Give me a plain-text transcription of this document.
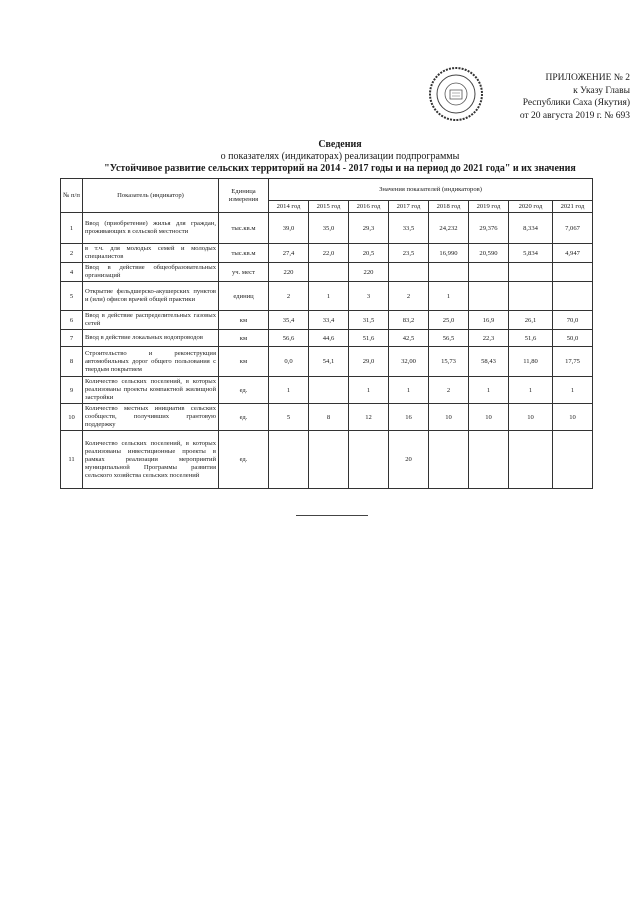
ПРИЛОЖЕНИЕ № 2
к Указу Главы
Республики Саха (Якутия)
от 20 августа 2019 г. № 693
Сведения
о показателях (индикаторах) реализации подпрограммы
"Устойчивое развитие сельских территорий на 2014 - 2017 годы и на период до 2021 года" и их значения
№ п/п	Показатель (индикатор)	Единица измерения	Значения показателей (индикаторов)							
			2014 год	2015 год	2016 год	2017 год	2018 год	2019 год	2020 год	2021 год
1	Ввод (приобретение) жилья для граждан, проживающих в сельской местности	тыс.кв.м	39,0	35,0	29,3	33,5	24,232	29,376	8,334	7,067
2	в т.ч. для молодых семей и молодых специалистов	тыс.кв.м	27,4	22,0	20,5	23,5	16,990	20,590	5,834	4,947
4	Ввод в действие общеобразовательных организаций	уч. мест	220		220					
5	Открытие фельдшерско-акушерских пунктов и (или) офисов врачей общей практики	единиц	2	1	3	2	1			
6	Ввод в действие распределительных газовых сетей	км	35,4	33,4	31,5	83,2	25,0	16,9	26,1	70,0
7	Ввод в действие локальных водопроводов	км	56,6	44,6	51,6	42,5	56,5	22,3	51,6	50,0
8	Строительство и реконструкция автомобильных дорог общего пользования с твердым покрытием	км	0,0	54,1	29,0	32,00	15,73	58,43	11,80	17,75
9	Количество сельских поселений, в которых реализованы проекты компактной жилищной застройки	ед.	1		1	1	2	1	1	1
10	Количество местных инициатив сельских сообществ, получивших грантовую поддержку	ед.	5	8	12	16	10	10	10	10
11	Количество сельских поселений, в которых реализованы инвестиционные проекты в рамках реализации мероприятий муниципальной Программы развития сельского хозяйства сельских поселений	ед.				20				
